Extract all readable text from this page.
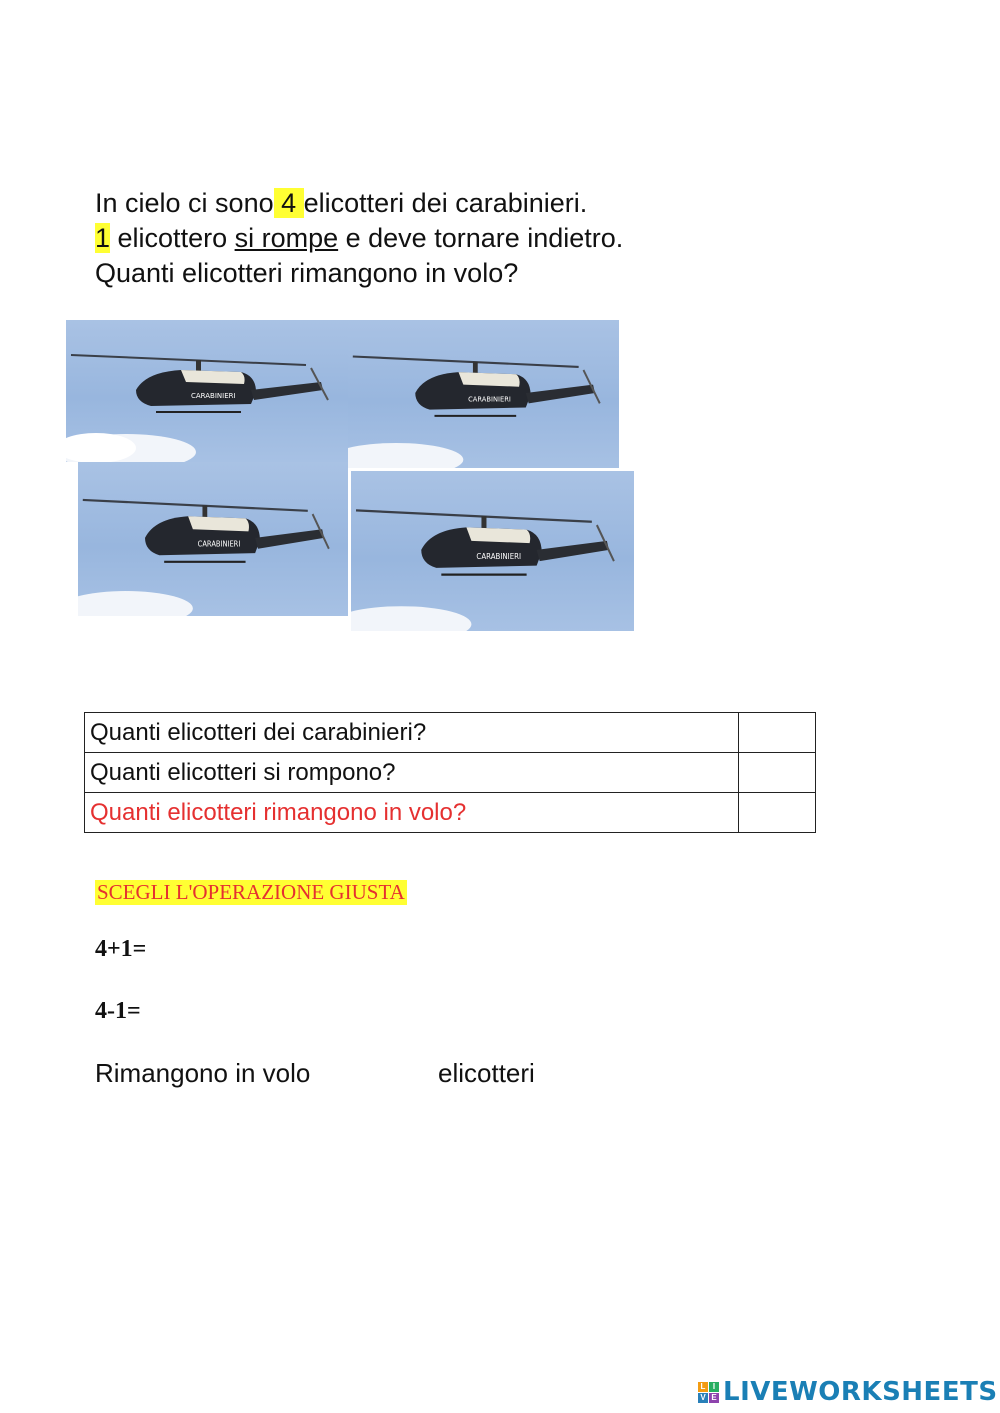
In cielo ci sono 4 elicotteri dei carabinieri.
1 elicottero si rompe e deve tornare indietro.
Quanti elicotteri rimangono in volo?
CARABINIERI	CARABINIERI
CARABINIERI
CARABINIERI
Quanti elicotteri dei carabinieri?	
Quanti elicotteri si rompono?	
Quanti elicotteri rimangono in volo?	
SCEGLI L'OPERAZIONE GIUSTA
4+1=
4-1=
Rimangono in volo	elicotteri
L I
V E LIVEWORKSHEETS
